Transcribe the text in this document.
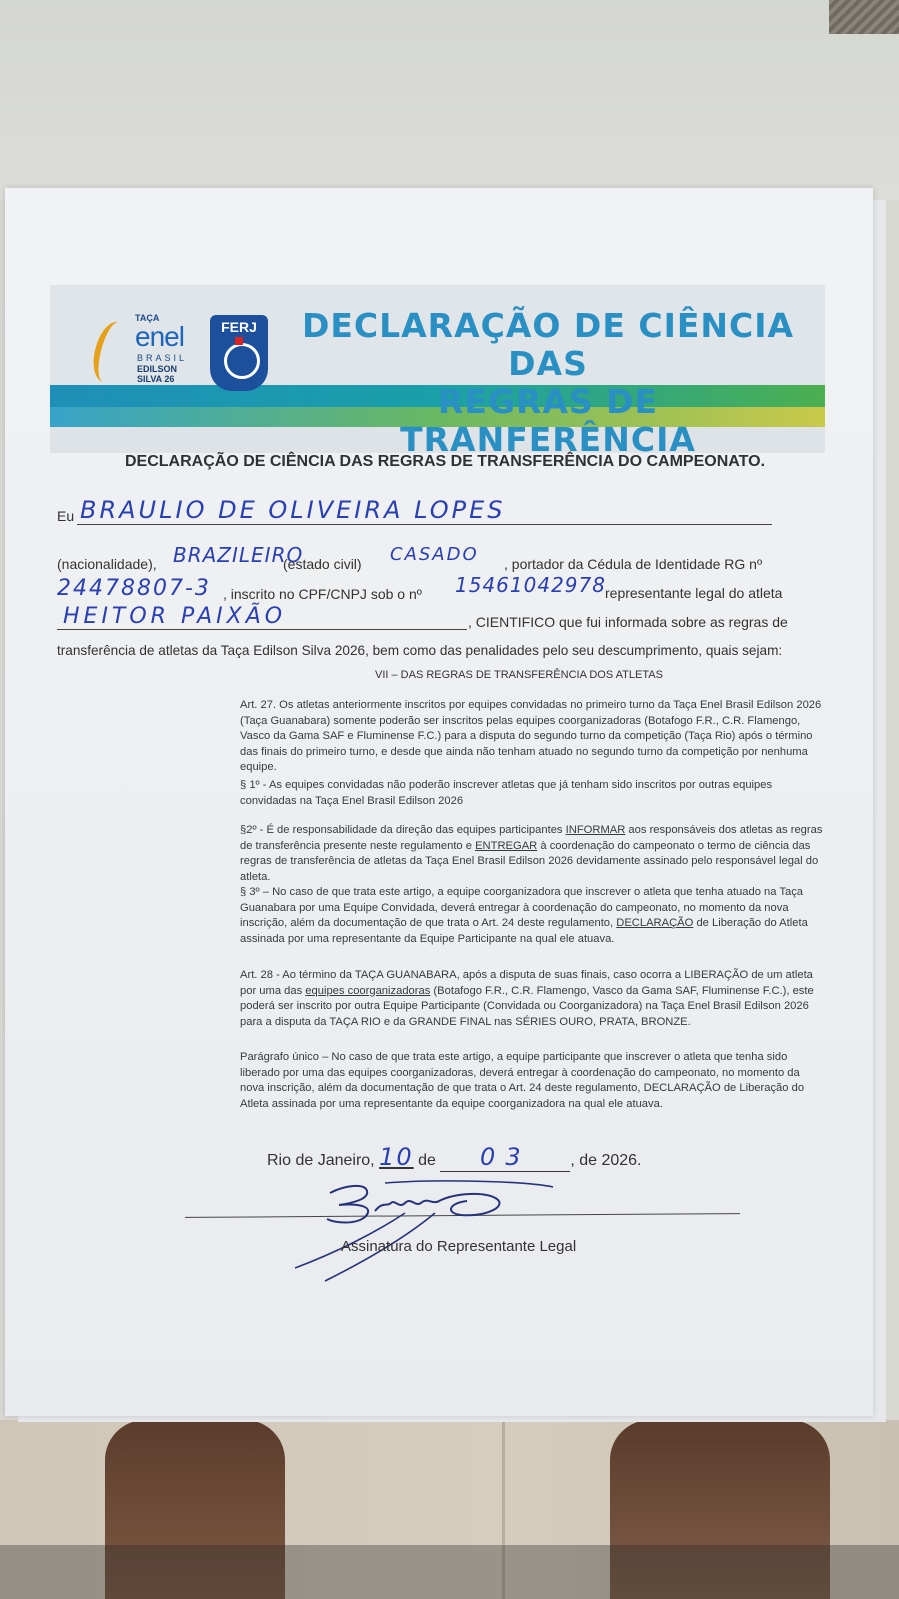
TAÇA
enel
BRASIL
EDILSON SILVA 26
FERJ	DECLARAÇÃO DE CIÊNCIA DAS
REGRAS DE TRANFERÊNCIA
DECLARAÇÃO DE CIÊNCIA DAS REGRAS DE TRANSFERÊNCIA DO CAMPEONATO.
Eu BRAULIO DE OLIVEIRA LOPES
(nacionalidade), BRAZILEIRO
(estado civil) CASADO , portador da Cédula de Identidade RG nº
24478807-3 , inscrito no CPF/CNPJ sob o nº 15461042978 representante legal do atleta
HEITOR PAIXÃO	, CIENTIFICO que fui informada sobre as regras de
transferência de atletas da Taça Edilson Silva 2026, bem como das penalidades pelo seu descumprimento, quais sejam:
VII – DAS REGRAS DE TRANSFERÊNCIA DOS ATLETAS
Art. 27. Os atletas anteriormente inscritos por equipes convidadas no primeiro turno da Taça Enel Brasil Edilson 2026 (Taça Guanabara) somente poderão ser inscritos pelas equipes coorganizadoras (Botafogo F.R., C.R. Flamengo, Vasco da Gama SAF e Fluminense F.C.) para a disputa do segundo turno da competição (Taça Rio) após o término das finais do primeiro turno, e desde que ainda não tenham atuado no segundo turno da competição por nenhuma equipe.
§ 1º - As equipes convidadas não poderão inscrever atletas que já tenham sido inscritos por outras equipes convidadas na Taça Enel Brasil Edilson 2026
§2º - É de responsabilidade da direção das equipes participantes INFORMAR aos responsáveis dos atletas as regras de transferência presente neste regulamento e ENTREGAR à coordenação do campeonato o termo de ciência das regras de transferência de atletas da Taça Enel Brasil Edilson 2026 devidamente assinado pelo responsável legal do atleta.
§ 3º – No caso de que trata este artigo, a equipe coorganizadora que inscrever o atleta que tenha atuado na Taça Guanabara por uma Equipe Convidada, deverá entregar à coordenação do campeonato, no momento da nova inscrição, além da documentação de que trata o Art. 24 deste regulamento, DECLARAÇÃO de Liberação do Atleta assinada por uma representante da Equipe Participante na qual ele atuava.
Art. 28 - Ao término da TAÇA GUANABARA, após a disputa de suas finais, caso ocorra a LIBERAÇÃO de um atleta por uma das equipes coorganizadoras (Botafogo F.R., C.R. Flamengo, Vasco da Gama SAF, Fluminense F.C.), este poderá ser inscrito por outra Equipe Participante (Convidada ou Coorganizadora) na Taça Enel Brasil Edilson 2026 para a disputa da TAÇA RIO e da GRANDE FINAL nas SÉRIES OURO, PRATA, BRONZE.
Parágrafo único – No caso de que trata este artigo, a equipe participante que inscrever o atleta que tenha sido liberado por uma das equipes coorganizadoras, deverá entregar à coordenação do campeonato, no momento da nova inscrição, além da documentação de que trata o Art. 24 deste regulamento, DECLARAÇÃO de Liberação do Atleta assinada por uma representante da equipe coorganizadora na qual ele atuava.
Rio de Janeiro, 10 de 03 , de 2026.
Assinatura do Representante Legal
